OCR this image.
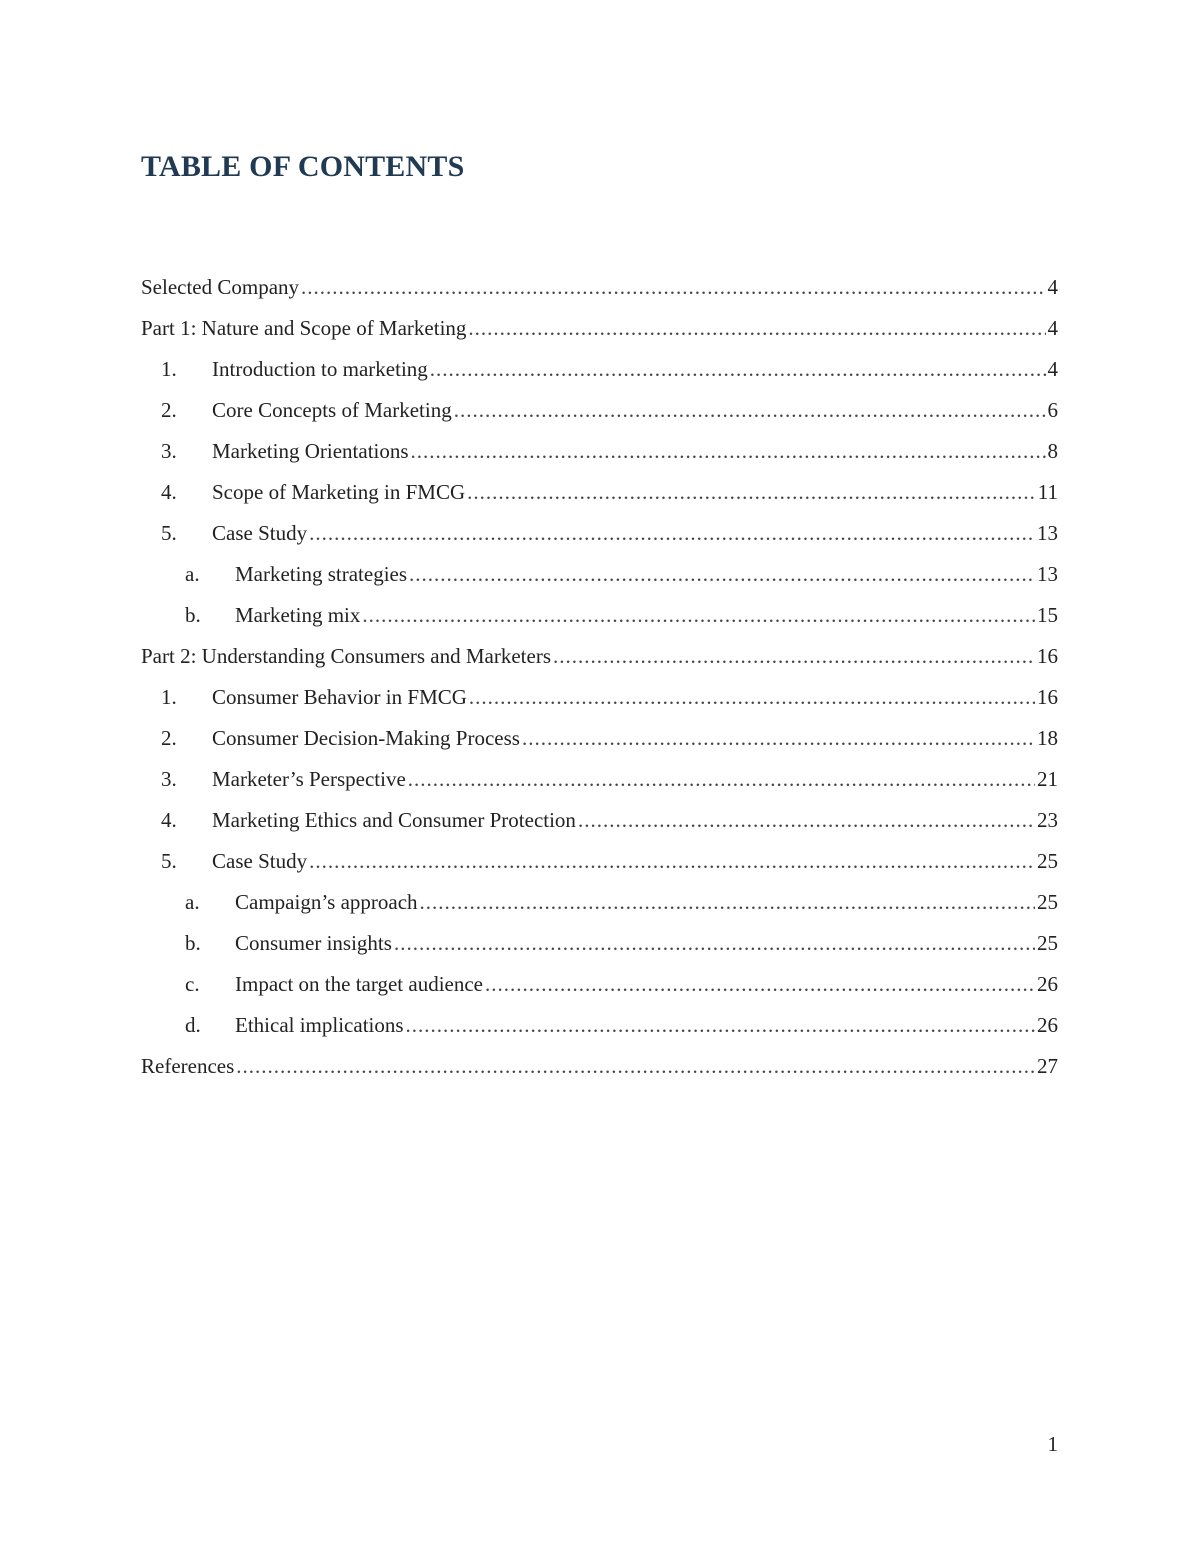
TABLE OF CONTENTS
Selected Company .....	4
Part 1: Nature and Scope of Marketing .....	4
1.	Introduction to marketing .....	4
2.	Core Concepts of Marketing .....	6
3.	Marketing Orientations .....	8
4.	Scope of Marketing in FMCG .....	11
5.	Case Study .....	13
a.	Marketing strategies .....	13
b.	Marketing mix .....	15
Part 2: Understanding Consumers and Marketers .....	16
1.	Consumer Behavior in FMCG .....	16
2.	Consumer Decision-Making Process .....	18
3.	Marketer’s Perspective .....	21
4.	Marketing Ethics and Consumer Protection .....	23
5.	Case Study .....	25
a.	Campaign’s approach .....	25
b.	Consumer insights .....	25
c.	Impact on the target audience .....	26
d.	Ethical implications .....	26
References .....	27
1
